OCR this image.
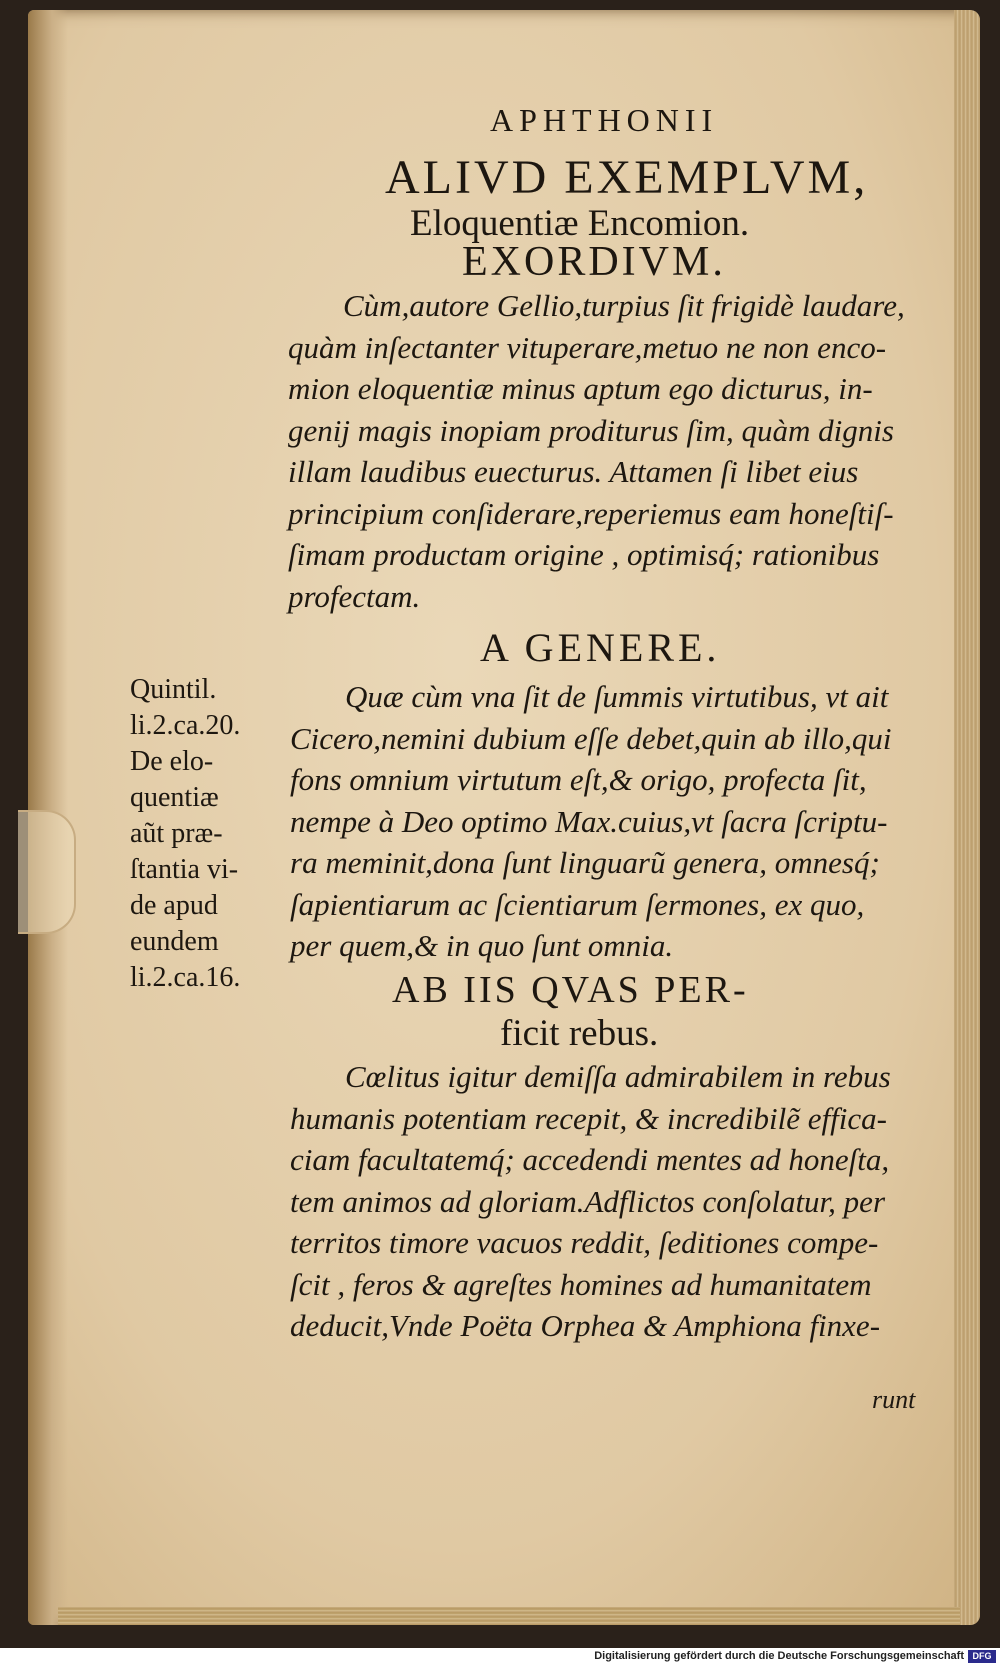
APHTHONII
ALIVD EXEMPLVM,
Eloquentiæ Encomion.
EXORDIVM.
Cùm,autore Gellio,turpius ſit frigidè laudare,
quàm inſectanter vituperare,metuo ne non enco-
mion eloquentiæ minus aptum ego dicturus, in-
genij magis inopiam proditurus ſim, quàm dignis
illam laudibus euecturus. Attamen ſi libet eius
principium conſiderare,reperiemus eam honeſtiſ-
ſimam productam origine , optimisq́; rationibus
profectam.
A GENERE.
Quintil.
li.2.ca.20.
De elo-
quentiæ
aũt præ-
ſtantia vi-
de apud
eundem
li.2.ca.16.
Quæ cùm vna ſit de ſummis virtutibus, vt ait
Cicero,nemini dubium eſſe debet,quin ab illo,qui
fons omnium virtutum eſt,& origo, profecta ſit,
nempe à Deo optimo Max.cuius,vt ſacra ſcriptu-
ra meminit,dona ſunt linguarũ genera, omnesq́;
ſapientiarum ac ſcientiarum ſermones, ex quo,
per quem,& in quo ſunt omnia.
AB IIS QVAS PER-
ficit rebus.
Cœlitus igitur demiſſa admirabilem in rebus
humanis potentiam recepit, & incredibilẽ effica-
ciam facultatemq́; accedendi mentes ad honeſta,
tem animos ad gloriam.Adflictos conſolatur, per
territos timore vacuos reddit, ſeditiones compe-
ſcit , feros & agreſtes homines ad humanitatem
deducit,Vnde Poëta Orphea & Amphiona finxe-
runt
Digitalisierung gefördert durch die Deutsche Forschungsgemeinschaft DFG
